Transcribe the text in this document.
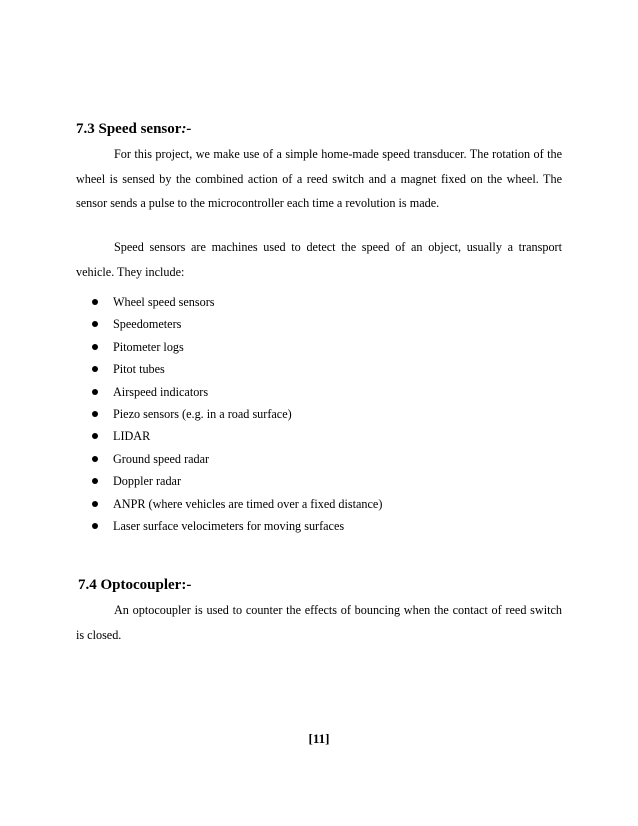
7.3 Speed sensor:-

For this project, we make use of a simple home-made speed transducer. The rotation of the wheel is sensed by the combined action of a reed switch and a magnet fixed on the wheel. The sensor sends a pulse to the microcontroller each time a revolution is made.

Speed sensors are machines used to detect the speed of an object, usually a transport vehicle. They include:

Wheel speed sensors
Speedometers
Pitometer logs
Pitot tubes
Airspeed indicators
Piezo sensors (e.g. in a road surface)
LIDAR
Ground speed radar
Doppler radar
ANPR (where vehicles are timed over a fixed distance)
Laser surface velocimeters for moving surfaces
7.4 Optocoupler:-

An optocoupler is used to counter the effects of bouncing when the contact of reed switch is closed.

[11]
